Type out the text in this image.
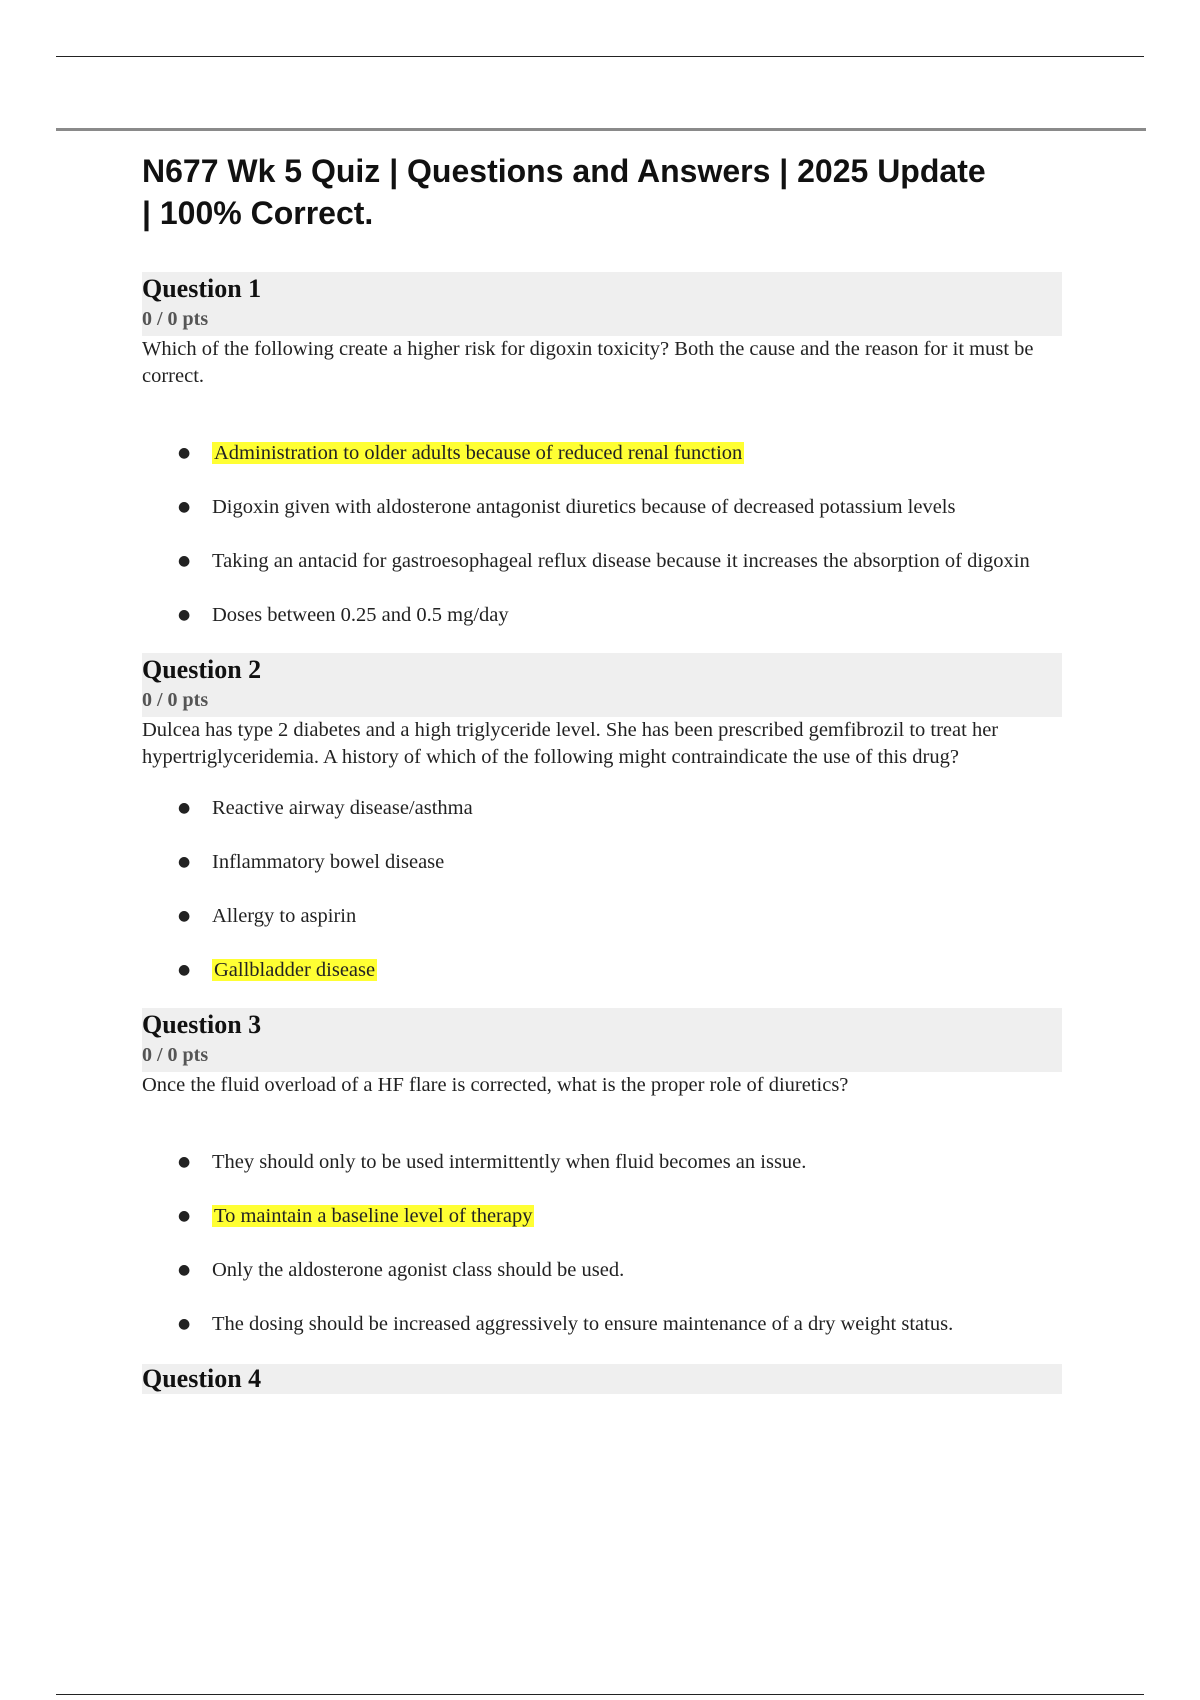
N677 Wk 5 Quiz | Questions and Answers | 2025 Update | 100% Correct.
Question 1
0 / 0 pts
Which of the following create a higher risk for digoxin toxicity? Both the cause and the reason for it must be correct.
● Administration to older adults because of reduced renal function
● Digoxin given with aldosterone antagonist diuretics because of decreased potassium levels
● Taking an antacid for gastroesophageal reflux disease because it increases the absorption of digoxin
● Doses between 0.25 and 0.5 mg/day
Question 2
0 / 0 pts
Dulcea has type 2 diabetes and a high triglyceride level. She has been prescribed gemfibrozil to treat her hypertriglyceridemia. A history of which of the following might contraindicate the use of this drug?
● Reactive airway disease/asthma
● Inflammatory bowel disease
● Allergy to aspirin
● Gallbladder disease
Question 3
0 / 0 pts
Once the fluid overload of a HF flare is corrected, what is the proper role of diuretics?
● They should only to be used intermittently when fluid becomes an issue.
● To maintain a baseline level of therapy
● Only the aldosterone agonist class should be used.
● The dosing should be increased aggressively to ensure maintenance of a dry weight status.
Question 4
